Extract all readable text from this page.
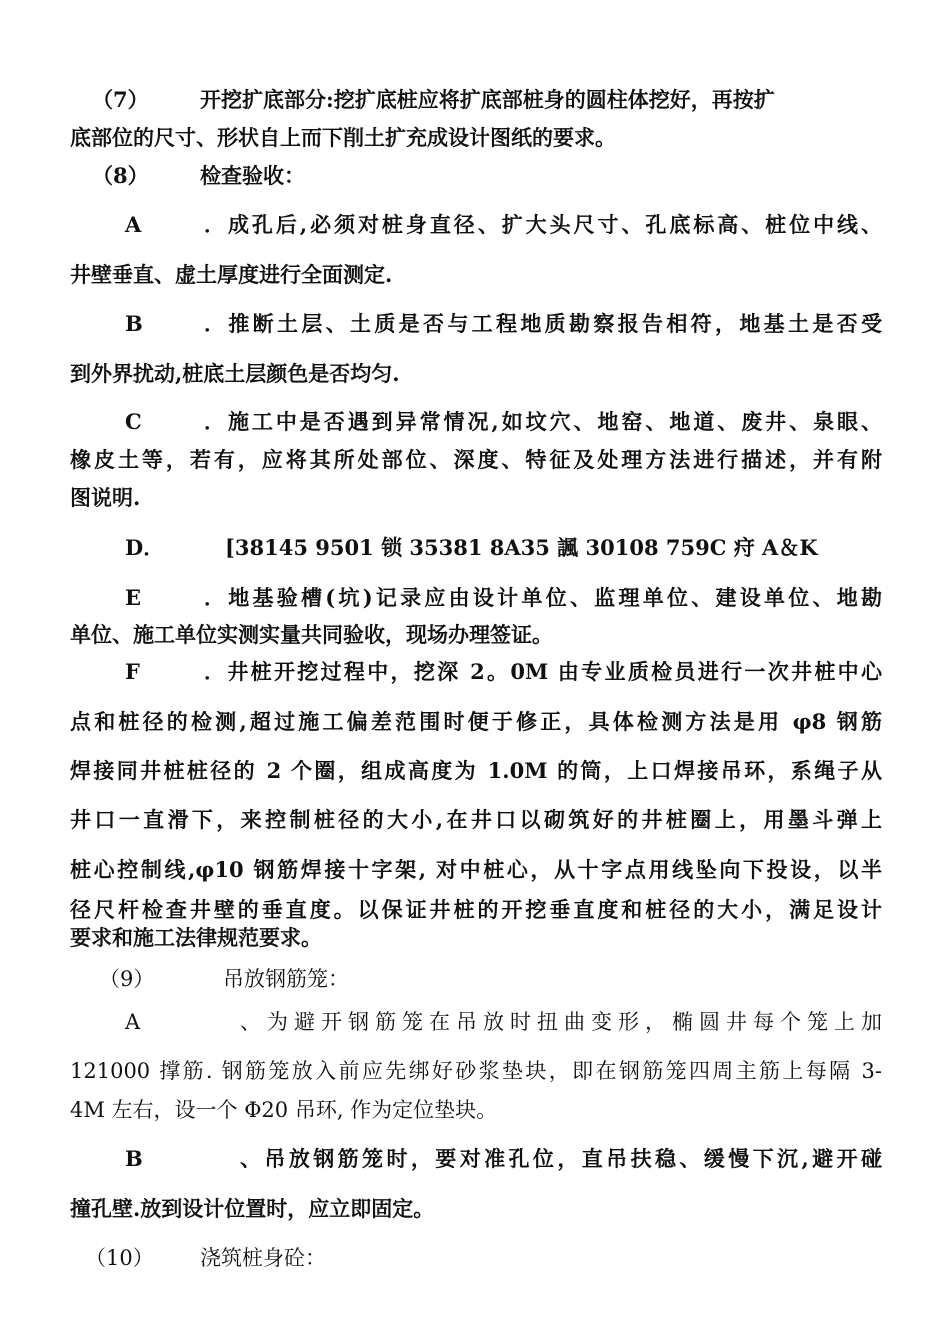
（7） 开挖扩底部分:挖扩底桩应将扩底部桩身的圆柱体挖好，再按扩
底部位的尺寸、形状自上而下削土扩充成设计图纸的要求。
（8） 检查验收：
A．成孔后,必须对桩身直径、扩大头尺寸、孔底标高、桩位中线、
井壁垂直、虚土厚度进行全面测定.
B．推断土层、土质是否与工程地质勘察报告相符，地基土是否受
到外界扰动,桩底土层颜色是否均匀.
C．施工中是否遇到异常情况,如坟穴、地窑、地道、废井、泉眼、
橡皮土等，若有，应将其所处部位、深度、特征及处理方法进行描述，并有附
图说明.
D．	[38145 9501 锁 35381 8A35 諷 30108 759C 疛 A＆K
E．地基验槽(坑)记录应由设计单位、监理单位、建设单位、地勘
单位、施工单位实测实量共同验收，现场办理签证。
F．井桩开挖过程中，挖深 2。0M 由专业质检员进行一次井桩中心
点和桩径的检测,超过施工偏差范围时便于修正，具体检测方法是用 φ8 钢筋
焊接同井桩桩径的 2 个圈，组成高度为 1.0M 的筒，上口焊接吊环，系绳子从
井口一直滑下，来控制桩径的大小,在井口以砌筑好的井桩圈上，用墨斗弹上
桩心控制线,φ10 钢筋焊接十字架, 对中桩心，从十字点用线坠向下投设，以半
径尺杆检查井壁的垂直度。以保证井桩的开挖垂直度和桩径的大小，满足设计
要求和施工法律规范要求。
（9）	吊放钢筋笼：
A、为避开钢筋笼在吊放时扭曲变形，椭圆井每个笼上加
121000 撑筋. 钢筋笼放入前应先绑好砂浆垫块，即在钢筋笼四周主筋上每隔 3-
4M 左右，设一个 Φ20 吊环, 作为定位垫块。
B、吊放钢筋笼时，要对准孔位，直吊扶稳、缓慢下沉,避开碰
撞孔壁.放到设计位置时，应立即固定。
（10） 浇筑桩身砼：
